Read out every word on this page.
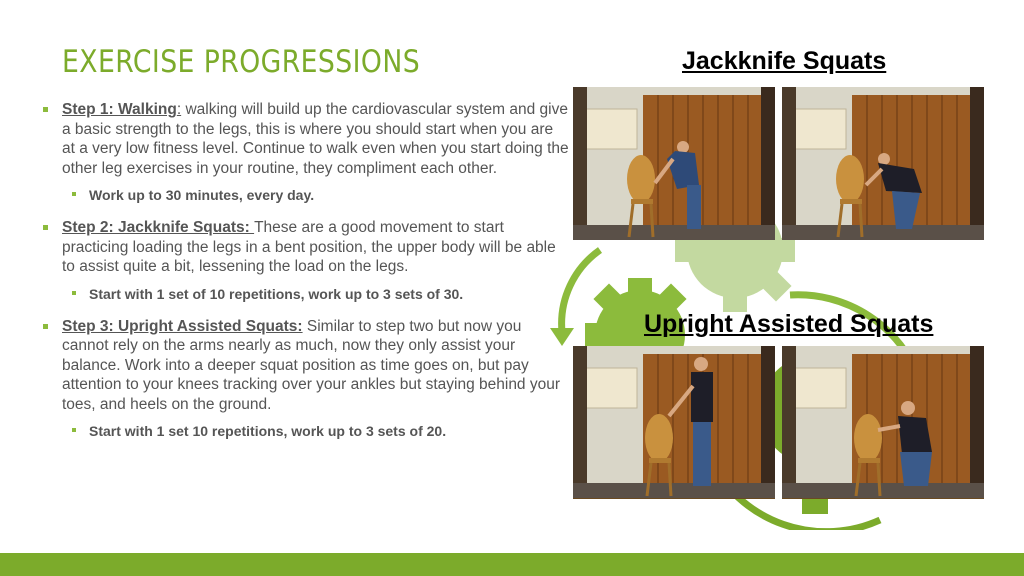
EXERCISE PROGRESSIONS
Step 1: Walking: walking will build up the cardiovascular system and give a basic strength to the legs, this is where you should start when you are at a very low fitness level. Continue to walk even when you start doing the other leg exercises in your routine, they compliment each other.
Work up to 30 minutes, every day.
Step 2: Jackknife Squats: These are a good movement to start practicing loading the legs in a bent position, the upper body will be able to assist quite a bit, lessening the load on the legs.
Start with 1 set of 10 repetitions, work up to 3 sets of 30.
Step 3: Upright Assisted Squats: Similar to step two but now you cannot rely on the arms nearly as much, now they only assist your balance. Work into a deeper squat position as time goes on, but pay attention to your knees tracking over your ankles but staying behind your toes, and heels on the ground.
Start with 1 set 10 repetitions, work up to 3 sets of 20.
Jackknife Squats
Upright Assisted Squats
